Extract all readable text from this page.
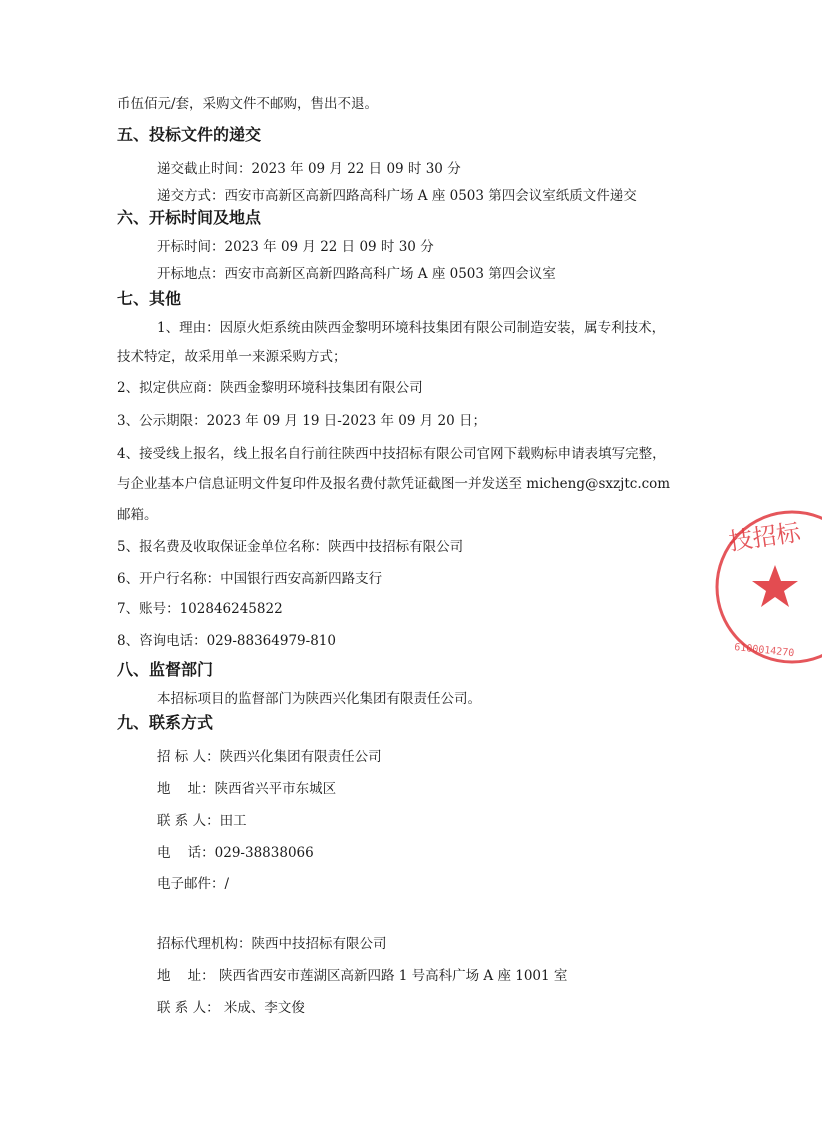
币伍佰元/套，采购文件不邮购，售出不退。
五、投标文件的递交
递交截止时间：2023 年 09 月 22 日 09 时 30 分
递交方式：西安市高新区高新四路高科广场 A 座 0503 第四会议室纸质文件递交
六、开标时间及地点
开标时间：2023 年 09 月 22 日 09 时 30 分
开标地点：西安市高新区高新四路高科广场 A 座 0503 第四会议室
七、其他
1、理由：因原火炬系统由陕西金黎明环境科技集团有限公司制造安装，属专利技术，
技术特定，故采用单一来源采购方式；
2、拟定供应商：陕西金黎明环境科技集团有限公司
3、公示期限：2023 年 09 月 19 日-2023 年 09 月 20 日；
4、接受线上报名，线上报名自行前往陕西中技招标有限公司官网下载购标申请表填写完整，
与企业基本户信息证明文件复印件及报名费付款凭证截图一并发送至 micheng@sxzjtc.com
邮箱。
5、报名费及收取保证金单位名称：陕西中技招标有限公司
6、开户行名称：中国银行西安高新四路支行
7、账号：102846245822
8、咨询电话：029-88364979-810
八、监督部门
本招标项目的监督部门为陕西兴化集团有限责任公司。
九、联系方式
招 标 人：陕西兴化集团有限责任公司
地    址：陕西省兴平市东城区
联 系 人：田工
电    话：029-38838066
电子邮件：/
招标代理机构：陕西中技招标有限公司
地    址： 陕西省西安市莲湖区高新四路 1 号高科广场 A 座 1001 室
联 系 人： 米成、李文俊
技招标
6100014270
